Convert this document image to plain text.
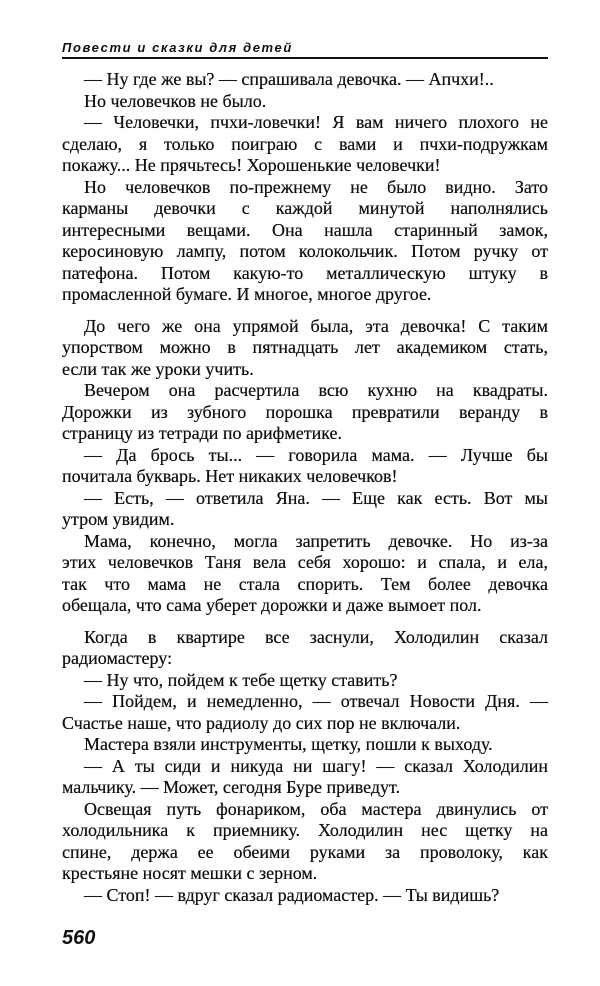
Повести и сказки для детей
— Ну где же вы? — спрашивала девочка. — Апчхи!..
Но человечков не было.
— Человечки, пчхи-ловечки! Я вам ничего плохого не
сделаю, я только поиграю с вами и пчхи-подружкам
покажу... Не прячьтесь! Хорошенькие человечки!
Но человечков по-прежнему не было видно. Зато
карманы девочки с каждой минутой наполнялись
интересными вещами. Она нашла старинный замок,
керосиновую лампу, потом колокольчик. Потом ручку от
патефона. Потом какую-то металлическую штуку в
промасленной бумаге. И многое, многое другое.
До чего же она упрямой была, эта девочка! С таким
упорством можно в пятнадцать лет академиком стать,
если так же уроки учить.
Вечером она расчертила всю кухню на квадраты.
Дорожки из зубного порошка превратили веранду в
страницу из тетради по арифметике.
— Да брось ты... — говорила мама. — Лучше бы
почитала букварь. Нет никаких человечков!
— Есть, — ответила Яна. — Еще как есть. Вот мы
утром увидим.
Мама, конечно, могла запретить девочке. Но из-за
этих человечков Таня вела себя хорошо: и спала, и ела,
так что мама не стала спорить. Тем более девочка
обещала, что сама уберет дорожки и даже вымоет пол.
Когда в квартире все заснули, Холодилин сказал
радиомастеру:
— Ну что, пойдем к тебе щетку ставить?
— Пойдем, и немедленно, — отвечал Новости Дня. —
Счастье наше, что радиолу до сих пор не включали.
Мастера взяли инструменты, щетку, пошли к выходу.
— А ты сиди и никуда ни шагу! — сказал Холодилин
мальчику. — Может, сегодня Буре приведут.
Освещая путь фонариком, оба мастера двинулись от
холодильника к приемнику. Холодилин нес щетку на
спине, держа ее обеими руками за проволоку, как
крестьяне носят мешки с зерном.
— Стоп! — вдруг сказал радиомастер. — Ты видишь?
560
